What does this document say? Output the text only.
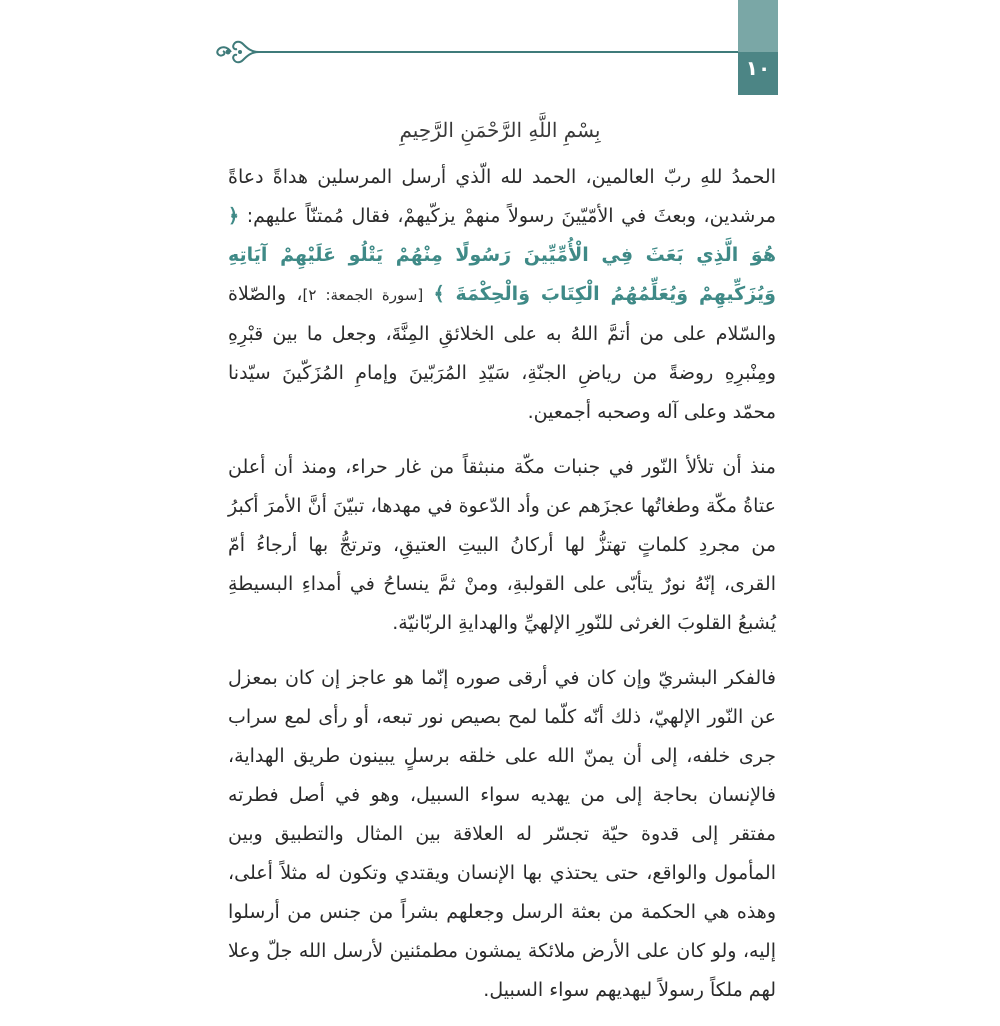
١٠
بِسْمِ اللَّهِ الرَّحْمَنِ الرَّحِيمِ

الحمدُ للهِ ربّ العالمين، الحمد لله الّذي أرسل المرسلين هداةً دعاةً مرشدين، وبعثَ في الأمّيّينَ رسولاً منهمْ يزكّيهمْ، فقال مُمتنّاً عليهم: ﴿ هُوَ الَّذِي بَعَثَ فِي الْأُمِّيِّينَ رَسُولًا مِنْهُمْ يَتْلُو عَلَيْهِمْ آيَاتِهِ وَيُزَكِّيهِمْ وَيُعَلِّمُهُمُ الْكِتَابَ وَالْحِكْمَةَ ﴾ [سورة الجمعة: ٢]، والصّلاة والسّلام على من أتمَّ اللهُ به على الخلائقِ المِنَّةَ، وجعل ما بين قبْرِهِ ومِنْبرِهِ روضةً من رياضِ الجنّةِ، سَيّدِ المُرَبّينَ وإمامِ المُزَكّينَ سيّدنا محمّد وعلى آله وصحبه أجمعين.

منذ أن تلألأ النّور في جنبات مكّة منبثقاً من غار حراء، ومنذ أن أعلن عتاةُ مكّة وطغاتُها عجزَهم عن وأد الدّعوة في مهدها، تبيّنَ أنَّ الأمرَ أكبرُ من مجردِ كلماتٍ تهتزُّ لها أركانُ البيتِ العتيقِ، وترتجُّ بها أرجاءُ أمّ القرى، إنّهُ نورٌ يتأبّى على القولبةِ، ومنْ ثمَّ ينساحُ في أمداءِ البسيطةِ يُشبعُ القلوبَ الغرثى للنّورِ الإلهيِّ والهدايةِ الربّانيّة.

فالفكر البشريّ وإن كان في أرقى صوره إنّما هو عاجز إن كان بمعزل عن النّور الإلهيّ، ذلك أنّه كلّما لمح بصيص نور تبعه، أو رأى لمع سراب جرى خلفه، إلى أن يمنّ الله على خلقه برسلٍ يبينون طريق الهداية، فالإنسان بحاجة إلى من يهديه سواء السبيل، وهو في أصل فطرته مفتقر إلى قدوة حيّة تجسّر له العلاقة بين المثال والتطبيق وبين المأمول والواقع، حتى يحتذي بها الإنسان ويقتدي وتكون له مثلاً أعلى، وهذه هي الحكمة من بعثة الرسل وجعلهم بشراً من جنس من أرسلوا إليه، ولو كان على الأرض ملائكة يمشون مطمئنين لأرسل الله جلّ وعلا لهم ملكاً رسولاً ليهديهم سواء السبيل.
